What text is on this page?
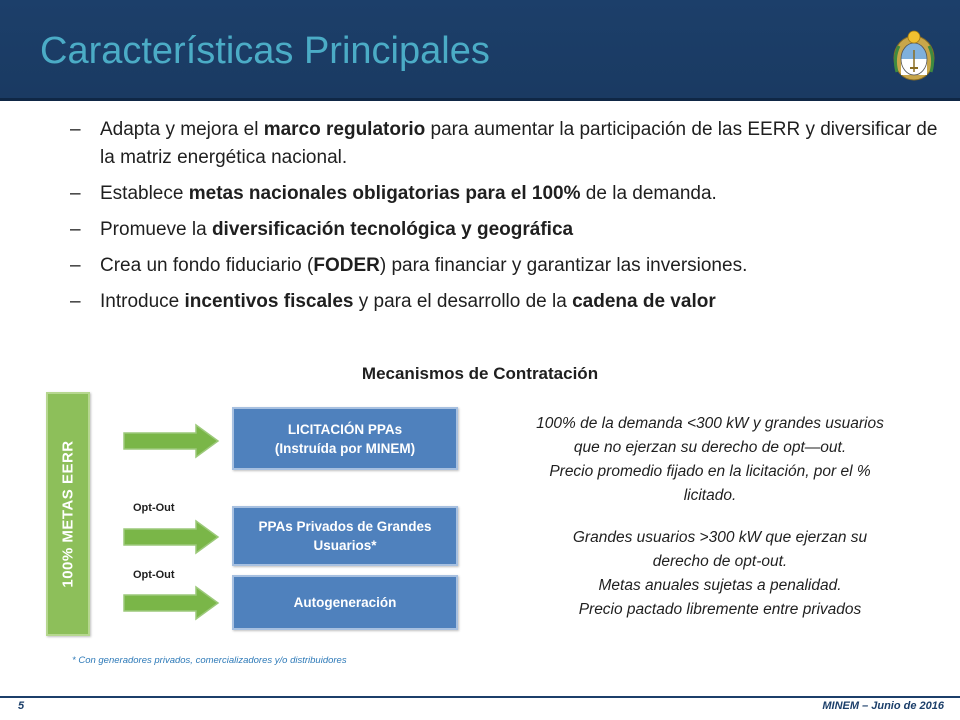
Características Principales
– Adapta y mejora el marco regulatorio para aumentar la participación de las EERR y diversificar de la matriz energética nacional.
– Establece metas nacionales obligatorias para el 100% de la demanda.
– Promueve la diversificación tecnológica y geográfica
– Crea un fondo fiduciario (FODER) para financiar y garantizar las inversiones.
– Introduce incentivos fiscales y para el desarrollo de la cadena de valor
Mecanismos de Contratación
100% METAS EERR	Opt-Out
Opt-Out
LICITACIÓN PPAs
(Instruída por MINEM)
PPAs Privados de Grandes
Usuarios*
Autogeneración
100% de la demanda <300 kW y grandes usuarios
que no ejerzan su derecho de opt—out.
Precio promedio fijado en la licitación, por el %
licitado.
Grandes usuarios >300 kW que ejerzan su
derecho de opt-out.
Metas anuales sujetas a penalidad.
Precio pactado libremente entre privados
* Con generadores privados, comercializadores y/o distribuidores
5	MINEM – Junio de 2016
